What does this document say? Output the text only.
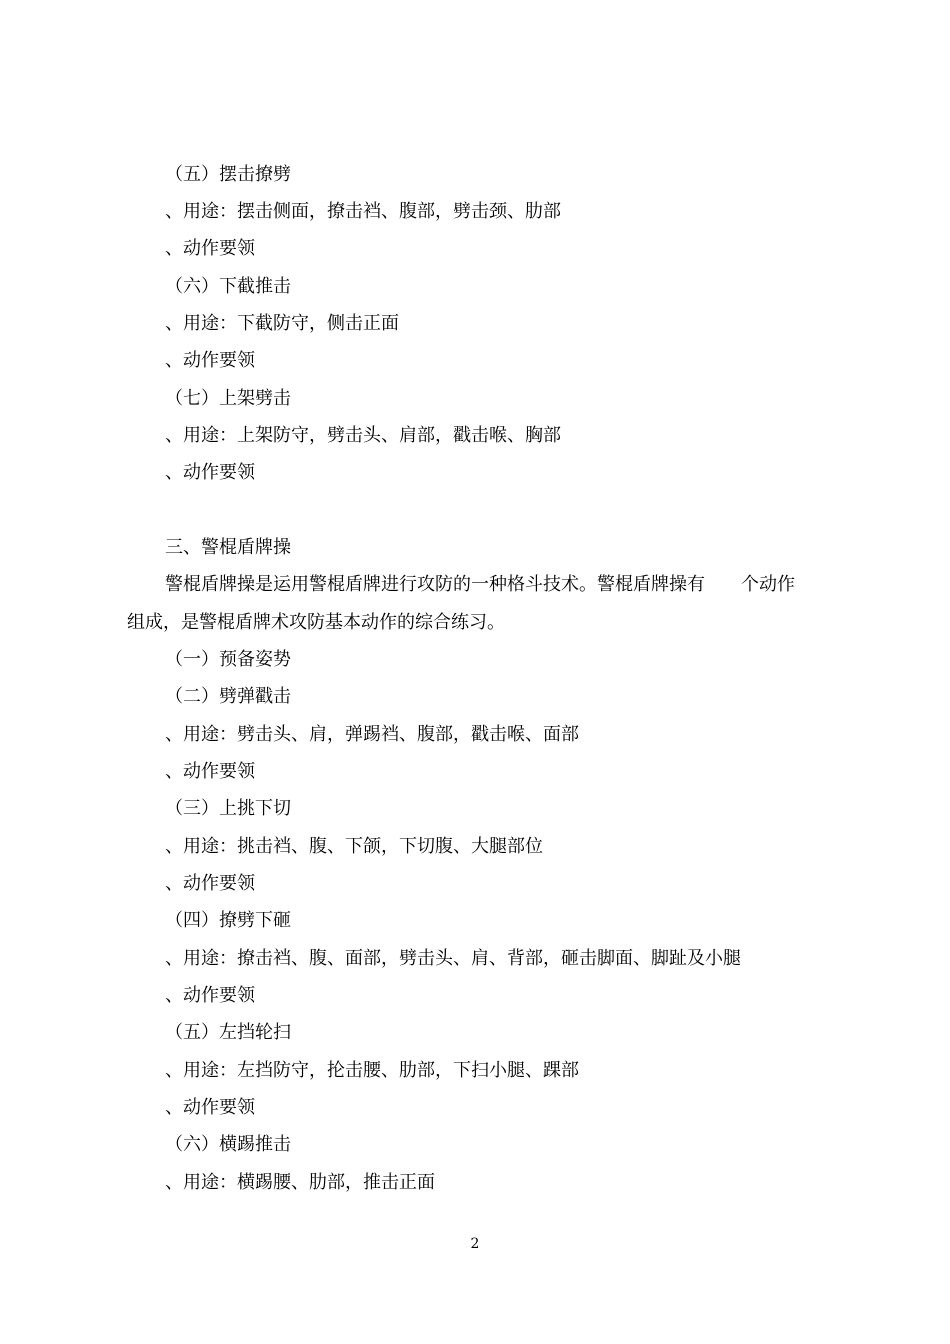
（五）摆击撩劈
、用途：摆击侧面，撩击裆、腹部，劈击颈、肋部
、动作要领
（六）下截推击
、用途：下截防守，侧击正面
、动作要领
（七）上架劈击
、用途：上架防守，劈击头、肩部，戳击喉、胸部
、动作要领
三、警棍盾牌操
警棍盾牌操是运用警棍盾牌进行攻防的一种格斗技术。警棍盾牌操有　　个动作
组成，是警棍盾牌术攻防基本动作的综合练习。
（一）预备姿势
（二）劈弹戳击
、用途：劈击头、肩，弹踢裆、腹部，戳击喉、面部
、动作要领
（三）上挑下切
、用途：挑击裆、腹、下颌，下切腹、大腿部位
、动作要领
（四）撩劈下砸
、用途：撩击裆、腹、面部，劈击头、肩、背部，砸击脚面、脚趾及小腿
、动作要领
（五）左挡轮扫
、用途：左挡防守，抡击腰、肋部，下扫小腿、踝部
、动作要领
（六）横踢推击
、用途：横踢腰、肋部，推击正面
2
